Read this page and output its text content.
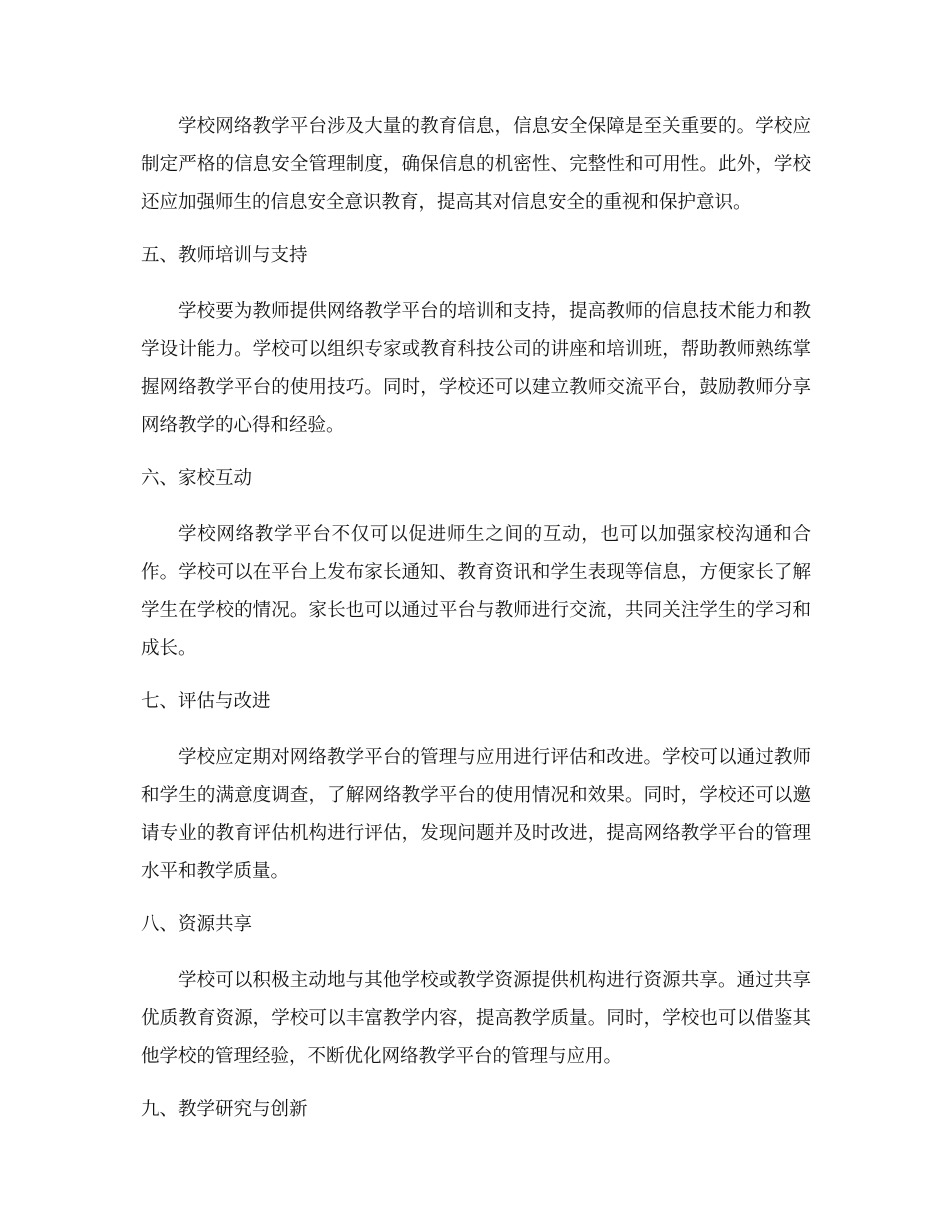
学校网络教学平台涉及大量的教育信息，信息安全保障是至关重要的。学校应制定严格的信息安全管理制度，确保信息的机密性、完整性和可用性。此外，学校还应加强师生的信息安全意识教育，提高其对信息安全的重视和保护意识。

五、教师培训与支持

学校要为教师提供网络教学平台的培训和支持，提高教师的信息技术能力和教学设计能力。学校可以组织专家或教育科技公司的讲座和培训班，帮助教师熟练掌握网络教学平台的使用技巧。同时，学校还可以建立教师交流平台，鼓励教师分享网络教学的心得和经验。

六、家校互动

学校网络教学平台不仅可以促进师生之间的互动，也可以加强家校沟通和合作。学校可以在平台上发布家长通知、教育资讯和学生表现等信息，方便家长了解学生在学校的情况。家长也可以通过平台与教师进行交流，共同关注学生的学习和成长。

七、评估与改进

学校应定期对网络教学平台的管理与应用进行评估和改进。学校可以通过教师和学生的满意度调查，了解网络教学平台的使用情况和效果。同时，学校还可以邀请专业的教育评估机构进行评估，发现问题并及时改进，提高网络教学平台的管理水平和教学质量。

八、资源共享

学校可以积极主动地与其他学校或教学资源提供机构进行资源共享。通过共享优质教育资源，学校可以丰富教学内容，提高教学质量。同时，学校也可以借鉴其他学校的管理经验，不断优化网络教学平台的管理与应用。

九、教学研究与创新
